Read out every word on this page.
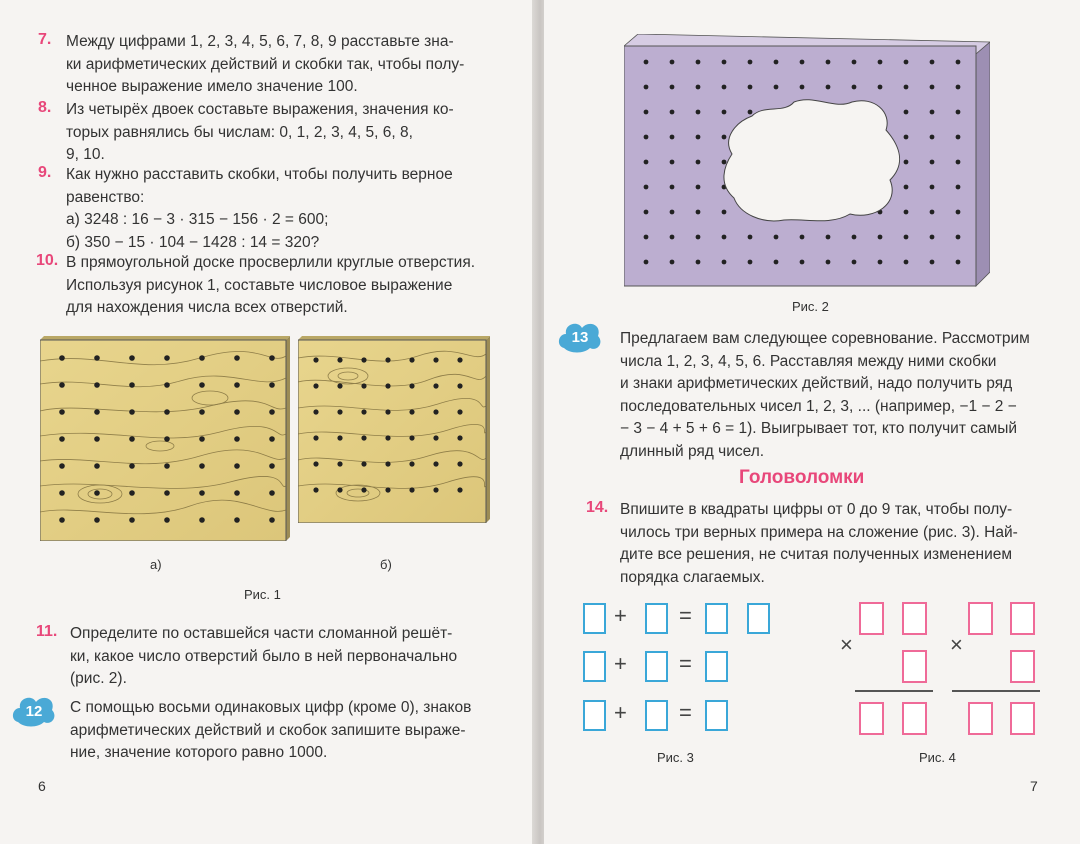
7. Между цифрами 1, 2, 3, 4, 5, 6, 7, 8, 9 расставьте зна-
ки арифметических действий и скобки так, чтобы полу-
ченное выражение имело значение 100.
8. Из четырёх двоек составьте выражения, значения ко-
торых равнялись бы числам: 0, 1, 2, 3, 4, 5, 6, 8,
9, 10.
9. Как нужно расставить скобки, чтобы получить верное
равенство:
а) 3248 : 16 − 3 · 315 − 156 · 2 = 600;
б) 350 − 15 · 104 − 1428 : 14 = 320?
10. В прямоугольной доске просверлили круглые отверстия.
Используя рисунок 1, составьте числовое выражение
для нахождения числа всех отверстий.
а)	б)
Рис. 1
11. Определите по оставшейся части сломанной решёт-
ки, какое число отверстий было в ней первоначально
(рис. 2).
12 С помощью восьми одинаковых цифр (кроме 0), знаков
арифметических действий и скобок запишите выраже-
ние, значение которого равно 1000.
6
Рис. 2
13 Предлагаем вам следующее соревнование. Рассмотрим
числа 1, 2, 3, 4, 5, 6. Расставляя между ними скобки
и знаки арифметических действий, надо получить ряд
последовательных чисел 1, 2, 3, ... (например, −1 − 2 −
− 3 − 4 + 5 + 6 = 1). Выигрывает тот, кто получит самый
длинный ряд чисел.
Головоломки
14. Впишите в квадраты цифры от 0 до 9 так, чтобы полу-
чилось три верных примера на сложение (рис. 3). Най-
дите все решения, не считая полученных изменением
порядка слагаемых.
+ =
+ =
+ =
Рис. 3
×	×
Рис. 4
7
